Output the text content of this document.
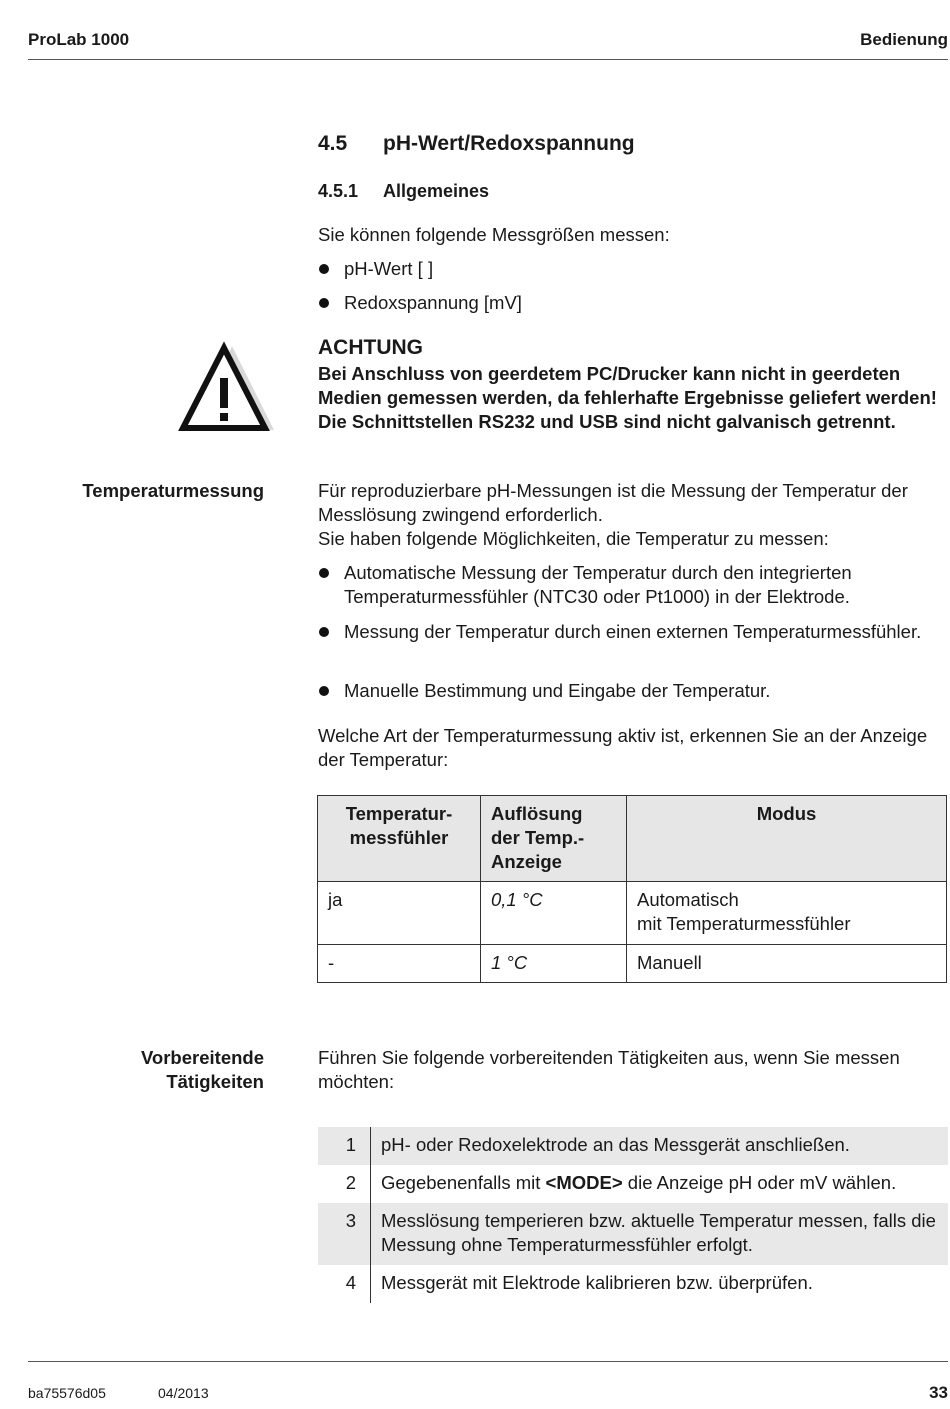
ProLab 1000	Bedienung
4.5 pH-Wert/Redoxspannung
4.5.1 Allgemeines
Sie können folgende Messgrößen messen:
pH-Wert [ ]
Redoxspannung [mV]
ACHTUNG
Bei Anschluss von geerdetem PC/Drucker kann nicht in geerdeten Medien gemessen werden, da fehlerhafte Ergebnisse geliefert werden! Die Schnittstellen RS232 und USB sind nicht galvanisch getrennt.
Temperaturmessung	Für reproduzierbare pH-Messungen ist die Messung der Temperatur der Messlösung zwingend erforderlich.
Sie haben folgende Möglichkeiten, die Temperatur zu messen:
Automatische Messung der Temperatur durch den integrierten Temperaturmessfühler (NTC30 oder Pt1000) in der Elektrode.
Messung der Temperatur durch einen externen Temperaturmessfühler.
Manuelle Bestimmung und Eingabe der Temperatur.
Welche Art der Temperaturmessung aktiv ist, erkennen Sie an der Anzeige der Temperatur:
Temperatur-messfühler	Auflösung der Temp.-Anzeige	Modus
ja	0,1 °C	Automatisch
mit Temperaturmessfühler

-	1 °C	Manuell
Vorbereitende
Tätigkeiten
Führen Sie folgende vorbereitenden Tätigkeiten aus, wenn Sie messen möchten:
1	pH- oder Redoxelektrode an das Messgerät anschließen.
2	Gegebenenfalls mit <MODE> die Anzeige pH oder mV wählen.
3	Messlösung temperieren bzw. aktuelle Temperatur messen, falls die Messung ohne Temperaturmessfühler erfolgt.
4	Messgerät mit Elektrode kalibrieren bzw. überprüfen.
ba75576d05	04/2013	33
